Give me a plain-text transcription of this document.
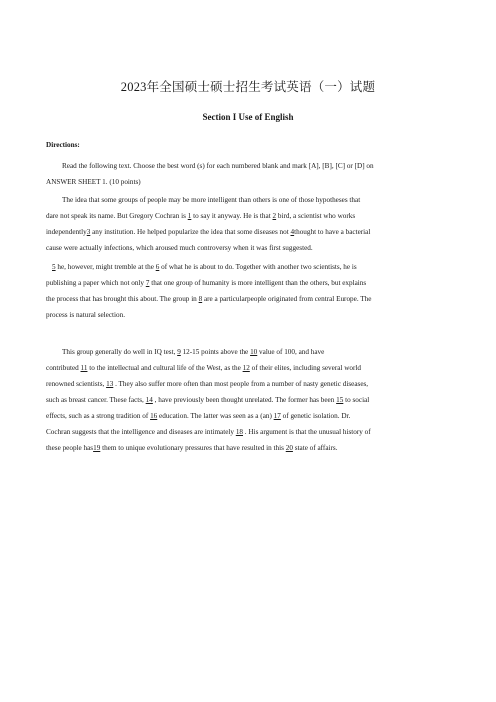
2023年全国硕士硕士招生考试英语（一）试题
Section I Use of English
Directions:
Read the following text. Choose the best word (s) for each numbered blank and mark [A], [B], [C] or [D] on
ANSWER SHEET 1. (10 points)
The idea that some groups of people may be more intelligent than others is one of those hypotheses that
dare not speak its name. But Gregory Cochran is 1 to say it anyway. He is that 2 bird, a scientist who works
independently3 any institution. He helped popularize the idea that some diseases not 4thought to have a bacterial
cause were actually infections, which aroused much controversy when it was first suggested.
5 he, however, might tremble at the 6 of what he is about to do. Together with another two scientists, he is
publishing a paper which not only 7 that one group of humanity is more intelligent than the others, but explains
the process that has brought this about. The group in 8 are a particularpeople originated from central Europe. The
process is natural selection.
This group generally do well in IQ test, 9 12-15 points above the 10 value of 100, and have
contributed 11 to the intellectual and cultural life of the West, as the 12 of their elites, including several world
renowned scientists, 13 . They also suffer more often than most people from a number of nasty genetic diseases,
such as breast cancer. These facts, 14 , have previously been thought unrelated. The former has been 15 to social
effects, such as a strong tradition of 16 education. The latter was seen as a (an) 17 of genetic isolation. Dr.
Cochran suggests that the intelligence and diseases are intimately 18 . His argument is that the unusual history of
these people has19 them to unique evolutionary pressures that have resulted in this 20 state of affairs.
